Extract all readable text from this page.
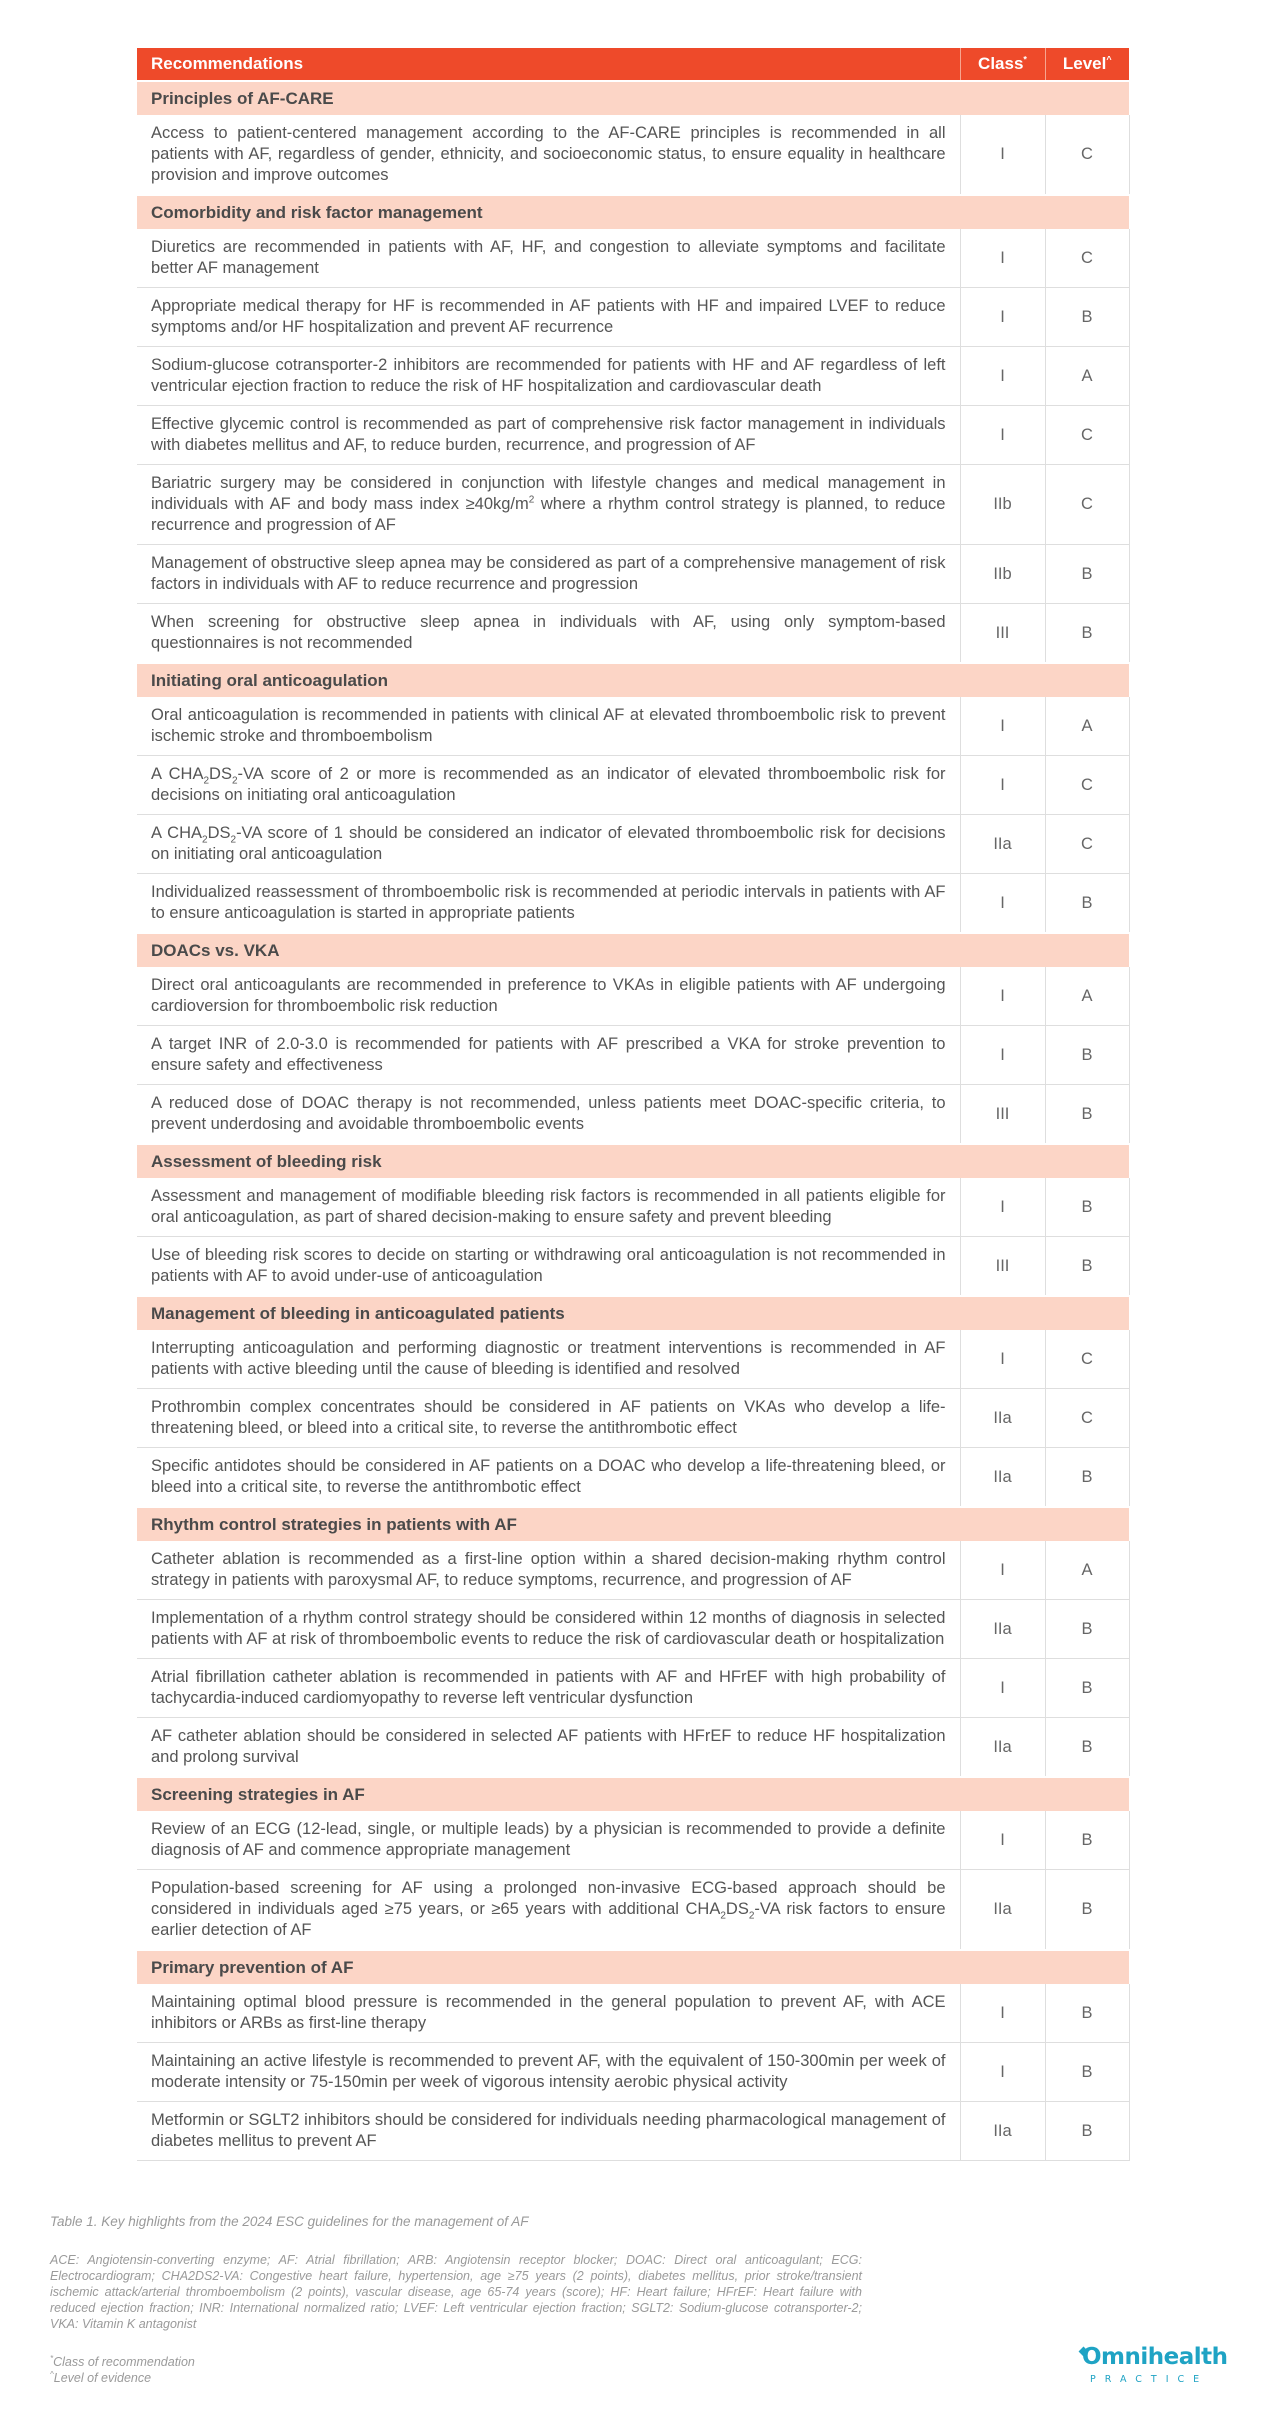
Recommendations	Class*	Level^
Principles of AF-CARE		
Access to patient-centered management according to the AF-CARE principles is recommended in all patients with AF, regardless of gender, ethnicity, and socioeconomic status, to ensure equality in healthcare provision and improve outcomes	I	C
Comorbidity and risk factor management		
Diuretics are recommended in patients with AF, HF, and congestion to alleviate symptoms and facilitate better AF management	I	C
Appropriate medical therapy for HF is recommended in AF patients with HF and impaired LVEF to reduce symptoms and/or HF hospitalization and prevent AF recurrence	I	B
Sodium-glucose cotransporter-2 inhibitors are recommended for patients with HF and AF regardless of left ventricular ejection fraction to reduce the risk of HF hospitalization and cardiovascular death	I	A
Effective glycemic control is recommended as part of comprehensive risk factor management in individuals with diabetes mellitus and AF, to reduce burden, recurrence, and progression of AF	I	C
Bariatric surgery may be considered in conjunction with lifestyle changes and medical management in individuals with AF and body mass index $\ge 40kg/m^2$ where a rhythm control strategy is planned, to reduce recurrence and progression of AF	IIb	C
Management of obstructive sleep apnea may be considered as part of a comprehensive management of risk factors in individuals with AF to reduce recurrence and progression	IIb	B
When screening for obstructive sleep apnea in individuals with AF, using only symptom-based questionnaires is not recommended	III	B
Initiating oral anticoagulation		
Oral anticoagulation is recommended in patients with clinical AF at elevated thromboembolic risk to prevent ischemic stroke and thromboembolism	I	A
A $CHA_2DS_2-VA$ score of 2 or more is recommended as an indicator of elevated thromboembolic risk for decisions on initiating oral anticoagulation	I	C
A $CHA_2DS_2-VA$ score of 1 should be considered an indicator of elevated thromboembolic risk for decisions on initiating oral anticoagulation	IIa	C
Individualized reassessment of thromboembolic risk is recommended at periodic intervals in patients with AF to ensure anticoagulation is started in appropriate patients	I	B
DOACs vs. VKA		
Direct oral anticoagulants are recommended in preference to VKAs in eligible patients with AF undergoing cardioversion for thromboembolic risk reduction	I	A
A target INR of 2.0-3.0 is recommended for patients with AF prescribed a VKA for stroke prevention to ensure safety and effectiveness	I	B
A reduced dose of DOAC therapy is not recommended, unless patients meet DOAC-specific criteria, to prevent underdosing and avoidable thromboembolic events	III	B
Assessment of bleeding risk		
Assessment and management of modifiable bleeding risk factors is recommended in all patients eligible for oral anticoagulation, as part of shared decision-making to ensure safety and prevent bleeding	I	B
Use of bleeding risk scores to decide on starting or withdrawing oral anticoagulation is not recommended in patients with AF to avoid under-use of anticoagulation	III	B
Management of bleeding in anticoagulated patients		
Interrupting anticoagulation and performing diagnostic or treatment interventions is recommended in AF patients with active bleeding until the cause of bleeding is identified and resolved	I	C
Prothrombin complex concentrates should be considered in AF patients on VKAs who develop a life-threatening bleed, or bleed into a critical site, to reverse the antithrombotic effect	IIa	C
Specific antidotes should be considered in AF patients on a DOAC who develop a life-threatening bleed, or bleed into a critical site, to reverse the antithrombotic effect	IIa	B
Rhythm control strategies in patients with AF		
Catheter ablation is recommended as a first-line option within a shared decision-making rhythm control strategy in patients with paroxysmal AF, to reduce symptoms, recurrence, and progression of AF	I	A
Implementation of a rhythm control strategy should be considered within 12 months of diagnosis in selected patients with AF at risk of thromboembolic events to reduce the risk of cardiovascular death or hospitalization	IIa	B
Atrial fibrillation catheter ablation is recommended in patients with AF and HFrEF with high probability of tachycardia-induced cardiomyopathy to reverse left ventricular dysfunction	I	B
AF catheter ablation should be considered in selected AF patients with HFrEF to reduce HF hospitalization and prolong survival	IIa	B
Screening strategies in AF		
Review of an ECG (12-lead, single, or multiple leads) by a physician is recommended to provide a definite diagnosis of AF and commence appropriate management	I	B
Population-based screening for AF using a prolonged non-invasive ECG-based approach should be considered in individuals aged ≥75 years, or ≥65 years with additional $CHA_2DS_2-VA$ risk factors to ensure earlier detection of AF	IIa	B
Primary prevention of AF		
Maintaining optimal blood pressure is recommended in the general population to prevent AF, with ACE inhibitors or ARBs as first-line therapy	I	B
Maintaining an active lifestyle is recommended to prevent AF, with the equivalent of 150-300min per week of moderate intensity or 75-150min per week of vigorous intensity aerobic physical activity	I	B
Metformin or SGLT2 inhibitors should be considered for individuals needing pharmacological management of diabetes mellitus to prevent AF	IIa	B
Table 1. Key highlights from the 2024 ESC guidelines for the management of AF
ACE: Angiotensin-converting enzyme; AF: Atrial fibrillation; ARB: Angiotensin receptor blocker; DOAC: Direct oral anticoagulant; ECG: Electrocardiogram; CHA2DS2-VA: Congestive heart failure, hypertension, age ≥75 years (2 points), diabetes mellitus, prior stroke/transient ischemic attack/arterial thromboembolism (2 points), vascular disease, age 65-74 years (score); HF: Heart failure; HFrEF: Heart failure with reduced ejection fraction; INR: International normalized ratio; LVEF: Left ventricular ejection fraction; SGLT2: Sodium-glucose cotransporter-2; VKA: Vitamin K antagonist
*Class of recommendation
^Level of evidence
Omnihealth
PRACTICE
